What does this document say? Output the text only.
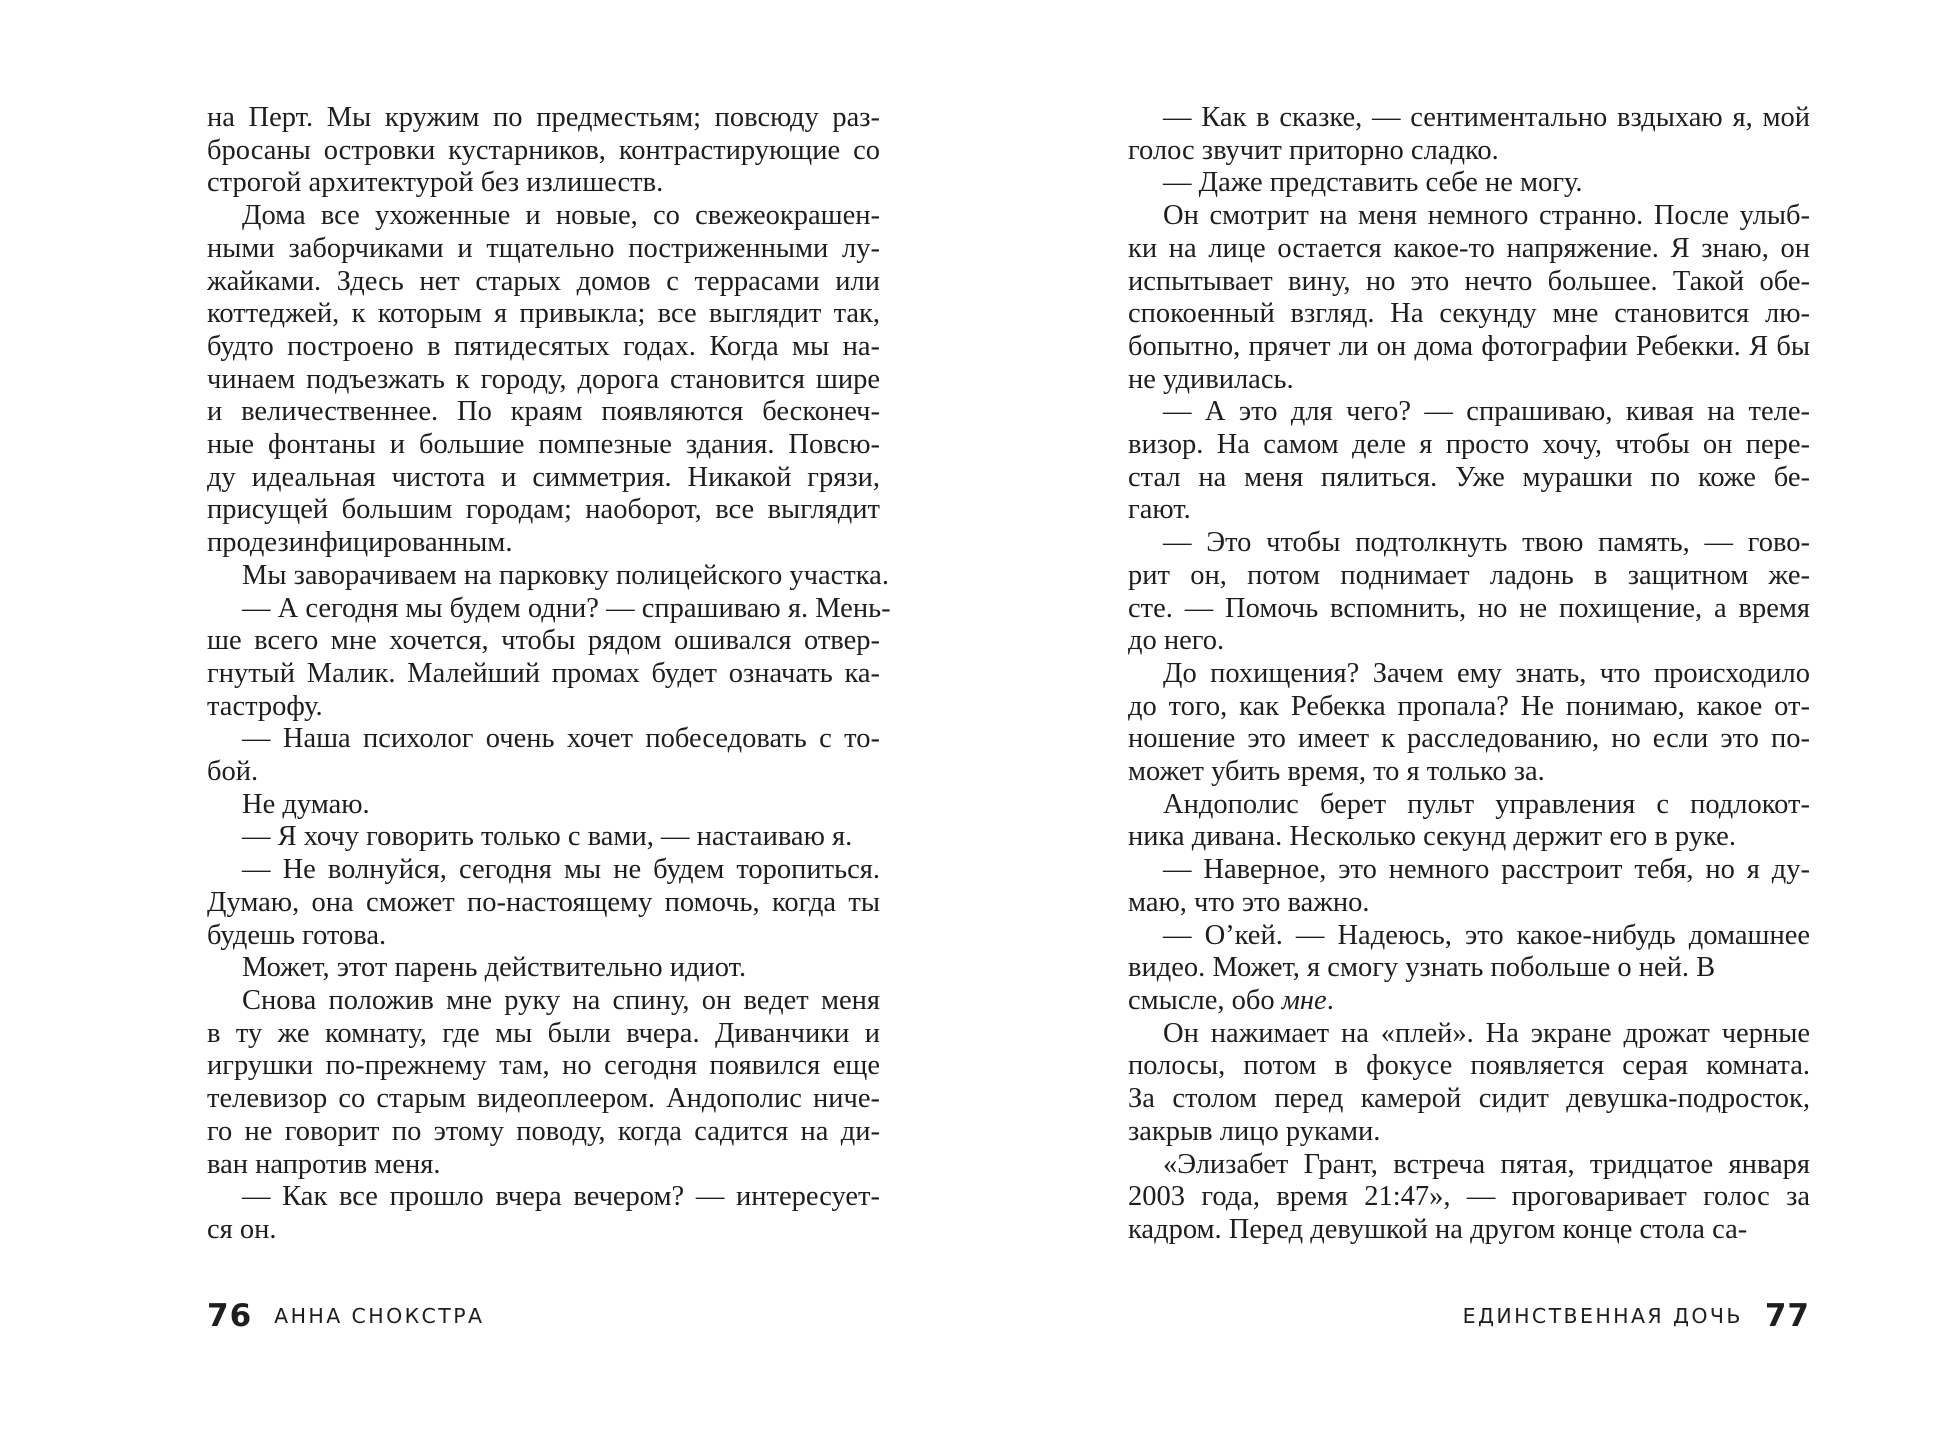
на Перт. Мы кружим по предместьям; повсюду раз-
бросаны островки кустарников, контрастирующие со
строгой архитектурой без излишеств.
Дома все ухоженные и новые, со свежеокрашен-
ными заборчиками и тщательно постриженными лу-
жайками. Здесь нет старых домов с террасами или
коттеджей, к которым я привыкла; все выглядит так,
будто построено в пятидесятых годах. Когда мы на-
чинаем подъезжать к городу, дорога становится шире
и величественнее. По краям появляются бесконеч-
ные фонтаны и большие помпезные здания. Повсю-
ду идеальная чистота и симметрия. Никакой грязи,
присущей большим городам; наоборот, все выглядит
продезинфицированным.
Мы заворачиваем на парковку полицейского участка.
— А сегодня мы будем одни? — спрашиваю я. Мень-
ше всего мне хочется, чтобы рядом ошивался отвер-
гнутый Малик. Малейший промах будет означать ка-
тастрофу.
— Наша психолог очень хочет побеседовать с то-
бой.
Не думаю.
— Я хочу говорить только с вами, — настаиваю я.
— Не волнуйся, сегодня мы не будем торопиться.
Думаю, она сможет по-настоящему помочь, когда ты
будешь готова.
Может, этот парень действительно идиот.
Снова положив мне руку на спину, он ведет меня
в ту же комнату, где мы были вчера. Диванчики и
игрушки по-прежнему там, но сегодня появился еще
телевизор со старым видеоплеером. Андополис ниче-
го не говорит по этому поводу, когда садится на ди-
ван напротив меня.
— Как все прошло вчера вечером? — интересует-
ся он.
76 АННА СНОКСТРА
— Как в сказке, — сентиментально вздыхаю я, мой
голос звучит приторно сладко.
— Даже представить себе не могу.
Он смотрит на меня немного странно. После улыб-
ки на лице остается какое-то напряжение. Я знаю, он
испытывает вину, но это нечто большее. Такой обе-
спокоенный взгляд. На секунду мне становится лю-
бопытно, прячет ли он дома фотографии Ребекки. Я бы
не удивилась.
— А это для чего? — спрашиваю, кивая на теле-
визор. На самом деле я просто хочу, чтобы он пере-
стал на меня пялиться. Уже мурашки по коже бе-
гают.
— Это чтобы подтолкнуть твою память, — гово-
рит он, потом поднимает ладонь в защитном же-
сте. — Помочь вспомнить, но не похищение, а время
до него.
До похищения? Зачем ему знать, что происходило
до того, как Ребекка пропала? Не понимаю, какое от-
ношение это имеет к расследованию, но если это по-
может убить время, то я только за.
Андополис берет пульт управления с подлокот-
ника дивана. Несколько секунд держит его в руке.
— Наверное, это немного расстроит тебя, но я ду-
маю, что это важно.
— О’кей. — Надеюсь, это какое-нибудь домашнее
видео. Может, я смогу узнать побольше о ней. В
смысле, обо мне.
Он нажимает на «плей». На экране дрожат черные
полосы, потом в фокусе появляется серая комната.
За столом перед камерой сидит девушка-подросток,
закрыв лицо руками.
«Элизабет Грант, встреча пятая, тридцатое января
2003 года, время 21:47», — проговаривает голос за
кадром. Перед девушкой на другом конце стола са-
ЕДИНСТВЕННАЯ ДОЧЬ 77
